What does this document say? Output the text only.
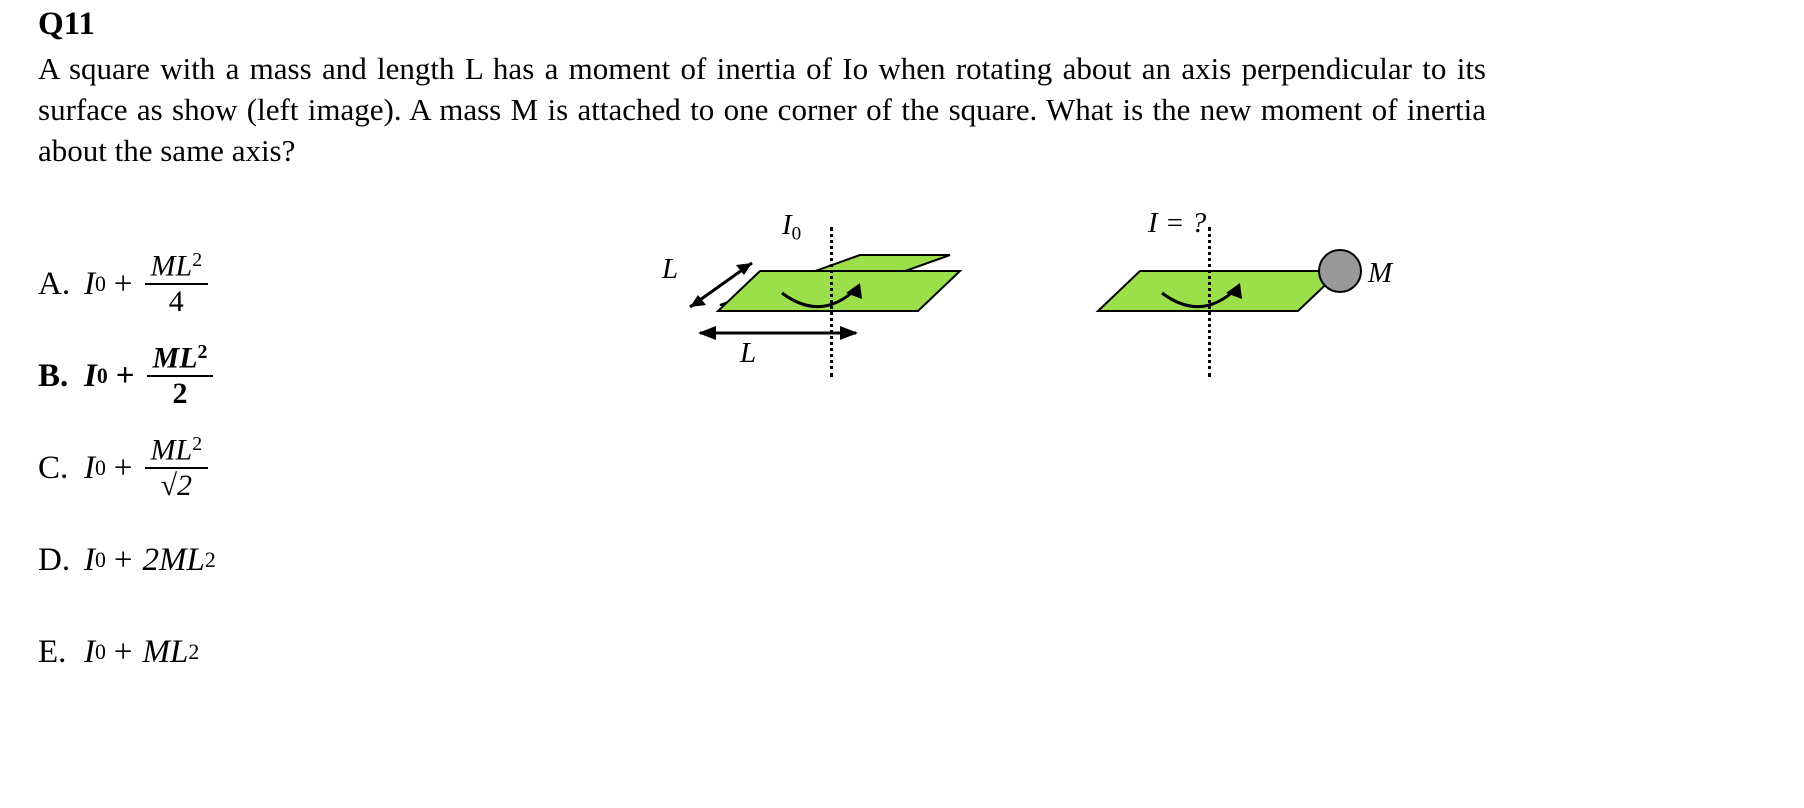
Q11
A square with a mass and length L has a moment of inertia of Io when rotating about an axis perpendicular to its surface as show (left image). A mass M is attached to one corner of the square. What is the new moment of inertia about the same axis?
A. I $0 + \frac{ML^2}{4}$
B. I $0 + \frac{ML^2}{2}$
C. I $0 + \frac{ML^2}{√2}$
D. I 0 + 2ML 2
E. I 0 + ML 2
$I_0$
L
L
I = ?
M
